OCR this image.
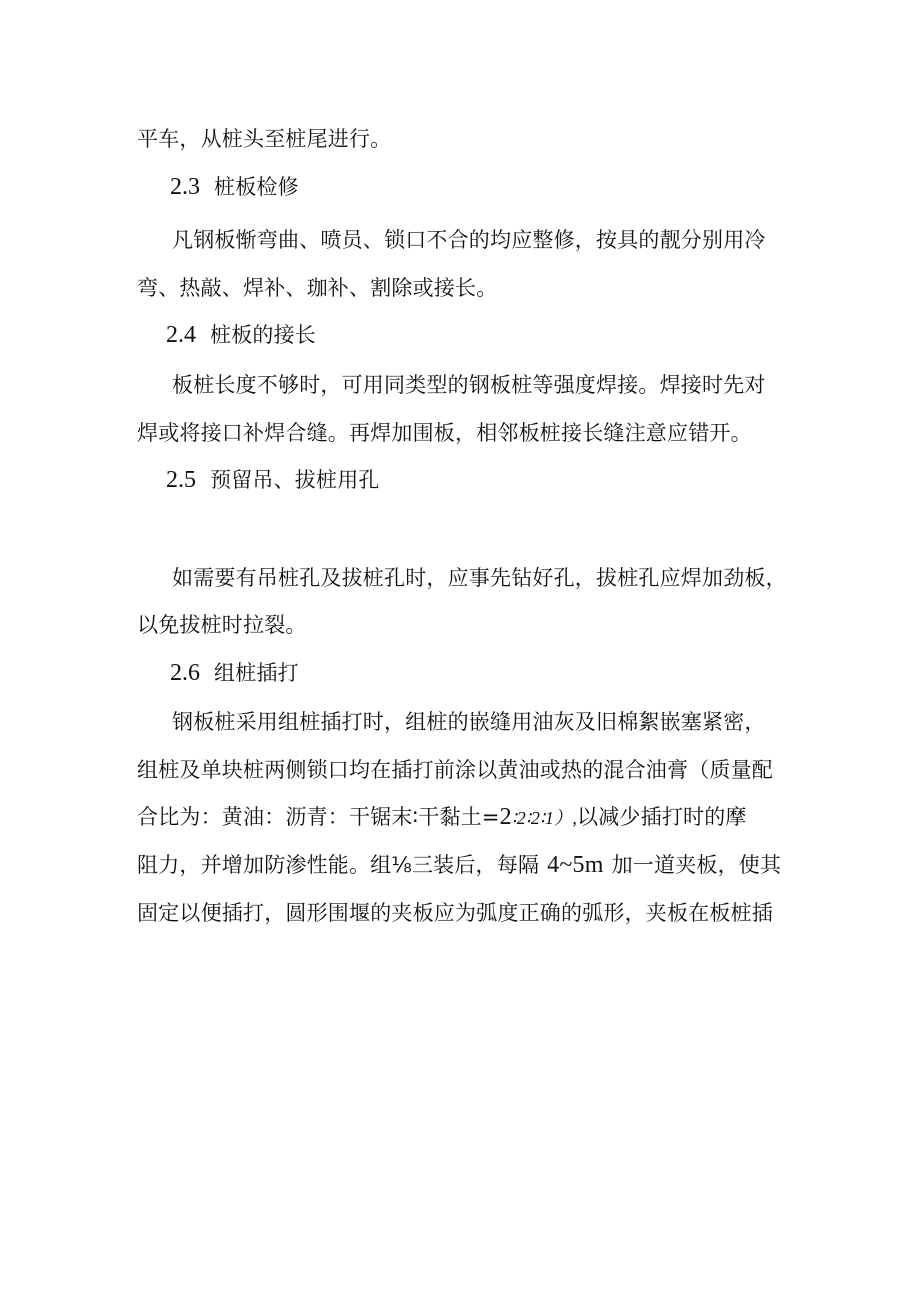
平车，从桩头至桩尾进行。
2.3 桩板检修
凡钢板惭弯曲、喷员、锁口不合的均应整修，按具的靓分别用冷
弯、热敲、焊补、珈补、割除或接长。
2.4 桩板的接长
板桩长度不够时，可用同类型的钢板桩等强度焊接。焊接时先对
焊或将接口补焊合缝。再焊加围板，相邻板桩接长缝注意应错开。
2.5 预留吊、拔桩用孔
如需要有吊桩孔及拔桩孔时，应事先钻好孔，拔桩孔应焊加劲板，
以免拔桩时拉裂。
2.6 组桩插打
钢板桩采用组桩插打时，组桩的嵌缝用油灰及旧棉絮嵌塞紧密，
组桩及单块桩两侧锁口均在插打前涂以黄油或热的混合油膏（质量配
合比为：黄油：沥青：干锯末∶干黏土=2∶2∶2∶1）,以减少插打时的摩
阻力，并增加防渗性能。组⅛三装后，每隔 4~5m 加一道夹板，使其
固定以便插打，圆形围堰的夹板应为弧度正确的弧形，夹板在板桩插
